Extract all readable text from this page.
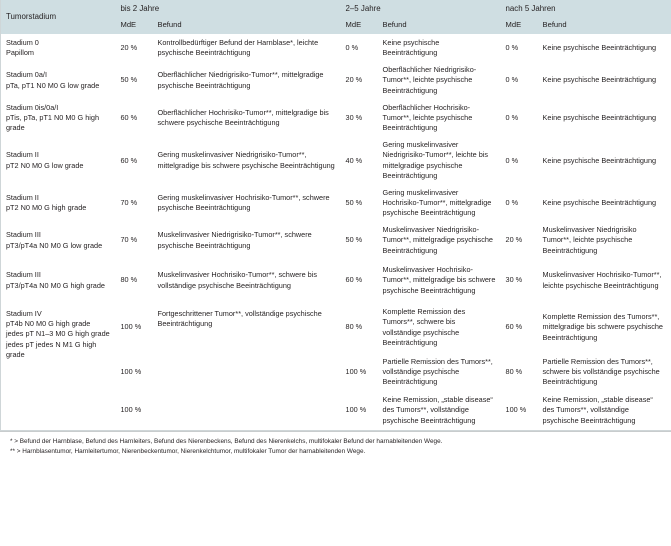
Tumorstadium	bis 2 Jahre		2–5 Jahre		nach 5 Jahren	
	MdE	Befund	MdE	Befund	MdE	Befund

Stadium 0
Papillom	20 %	Kontrollbedürftiger Befund der Harnblase*, leichte psychische Beeinträchtigung	0 %	Keine psychische Beeinträchtigung	0 %	Keine psychische Beeinträchtigung

Stadium 0a/I
pTa, pT1 N0 M0 G low grade	50 %	Oberflächlicher Niedrigrisiko-Tumor**, mittelgradige psychische Beeinträchtigung	20 %	Oberflächlicher Niedrigrisiko-Tumor**, leichte psychische Beeinträchtigung	0 %	Keine psychische Beeinträchtigung

Stadium 0is/0a/I
pTis, pTa, pT1 N0 M0 G high grade	60 %	Oberflächlicher Hochrisiko-Tumor**, mittelgradige bis schwere psychische Beeinträchtigung	30 %	Oberflächlicher Hochrisiko-Tumor**, leichte psychische Beeinträchtigung	0 %	Keine psychische Beeinträchtigung

Stadium II
pT2 N0 M0 G low grade	60 %	Gering muskelinvasiver Niedrigrisiko-Tumor**, mittelgradige bis schwere psychische Beeinträchtigung	40 %	Gering muskelinvasiver Niedrigrisiko-Tumor**, leichte bis mittelgradige psychische Beeinträchtigung	0 %	Keine psychische Beeinträchtigung

Stadium II
pT2 N0 M0 G high grade	70 %	Gering muskelinvasiver Hochrisiko-Tumor**, schwere psychische Beeinträchtigung	50 %	Gering muskelinvasiver Hochrisiko-Tumor**, mittelgradige psychische Beeinträchtigung	0 %	Keine psychische Beeinträchtigung

Stadium III
pT3/pT4a N0 M0 G low grade	70 %	Muskelinvasiver Niedrigrisiko-Tumor**, schwere psychische Beeinträchtigung	50 %	Muskelinvasiver Niedrigrisiko-Tumor**, mittelgradige psychische Beeinträchtigung	20 %	Muskelinvasiver Niedrigrisiko Tumor**, leichte psychische Beeinträchtigung

Stadium III
pT3/pT4a N0 M0 G high grade	80 %	Muskelinvasiver Hochrisiko-Tumor**, schwere bis vollständige psychische Beeinträchtigung	60 %	Muskelinvasiver Hochrisiko-Tumor**, mittelgradige bis schwere psychische Beeinträchtigung	30 %	Muskelinvasiver Hochrisiko-Tumor**, leichte psychische Beeinträchtigung

Stadium IV
pT4b N0 M0 G high grade
jedes pT N1–3 M0 G high grade
jedes pT jedes N M1 G high grade	100 %	Fortgeschrittener Tumor**, vollständige psychische Beeinträchtigung	80 %	Komplette Remission des Tumors**, schwere bis vollständige psychische Beeinträchtigung	60 %	Komplette Remission des Tumors**, mittelgradige bis schwere psychische Beeinträchtigung
	100 %		100 %	Partielle Remission des Tumors**, vollständige psychische Beeinträchtigung	80 %	Partielle Remission des Tumors**, schwere bis vollständige psychische Beeinträchtigung
	100 %		100 %	Keine Remission, „stable disease“ des Tumors**, vollständige psychische Beeinträchtigung	100 %	Keine Remission, „stable disease“ des Tumors**, vollständige psychische Beeinträchtigung
* > Befund der Harnblase, Befund des Harnleiters, Befund des Nierenbeckens, Befund des Nierenkelchs, multifokaler Befund der harnableitenden Wege.
** > Harnblasentumor, Harnleitertumor, Nierenbeckentumor, Nierenkelchtumor, multifokaler Tumor der harnableitenden Wege.
